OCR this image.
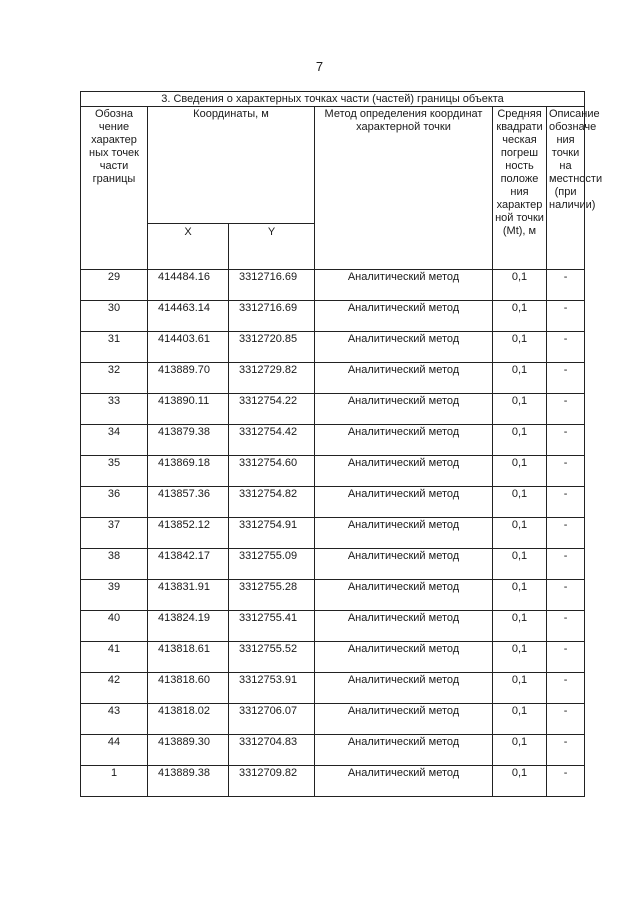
7
3. Сведения о характерных точках части (частей) границы объекта					

Обозна чение характер ных точек части границы	Координаты, м		Метод определения координат характерной точки	Средняя квадрати ческая погреш ность положе ния характер ной точки (Mt), м	Описание обозначе ния точки на местности (при наличии)

	X	Y			
29	414484.16	3312716.69	Аналитический метод	0,1	-
30	414463.14	3312716.69	Аналитический метод	0,1	-
31	414403.61	3312720.85	Аналитический метод	0,1	-
32	413889.70	3312729.82	Аналитический метод	0,1	-
33	413890.11	3312754.22	Аналитический метод	0,1	-
34	413879.38	3312754.42	Аналитический метод	0,1	-
35	413869.18	3312754.60	Аналитический метод	0,1	-
36	413857.36	3312754.82	Аналитический метод	0,1	-
37	413852.12	3312754.91	Аналитический метод	0,1	-
38	413842.17	3312755.09	Аналитический метод	0,1	-
39	413831.91	3312755.28	Аналитический метод	0,1	-
40	413824.19	3312755.41	Аналитический метод	0,1	-
41	413818.61	3312755.52	Аналитический метод	0,1	-
42	413818.60	3312753.91	Аналитический метод	0,1	-
43	413818.02	3312706.07	Аналитический метод	0,1	-
44	413889.30	3312704.83	Аналитический метод	0,1	-
1	413889.38	3312709.82	Аналитический метод	0,1	-
